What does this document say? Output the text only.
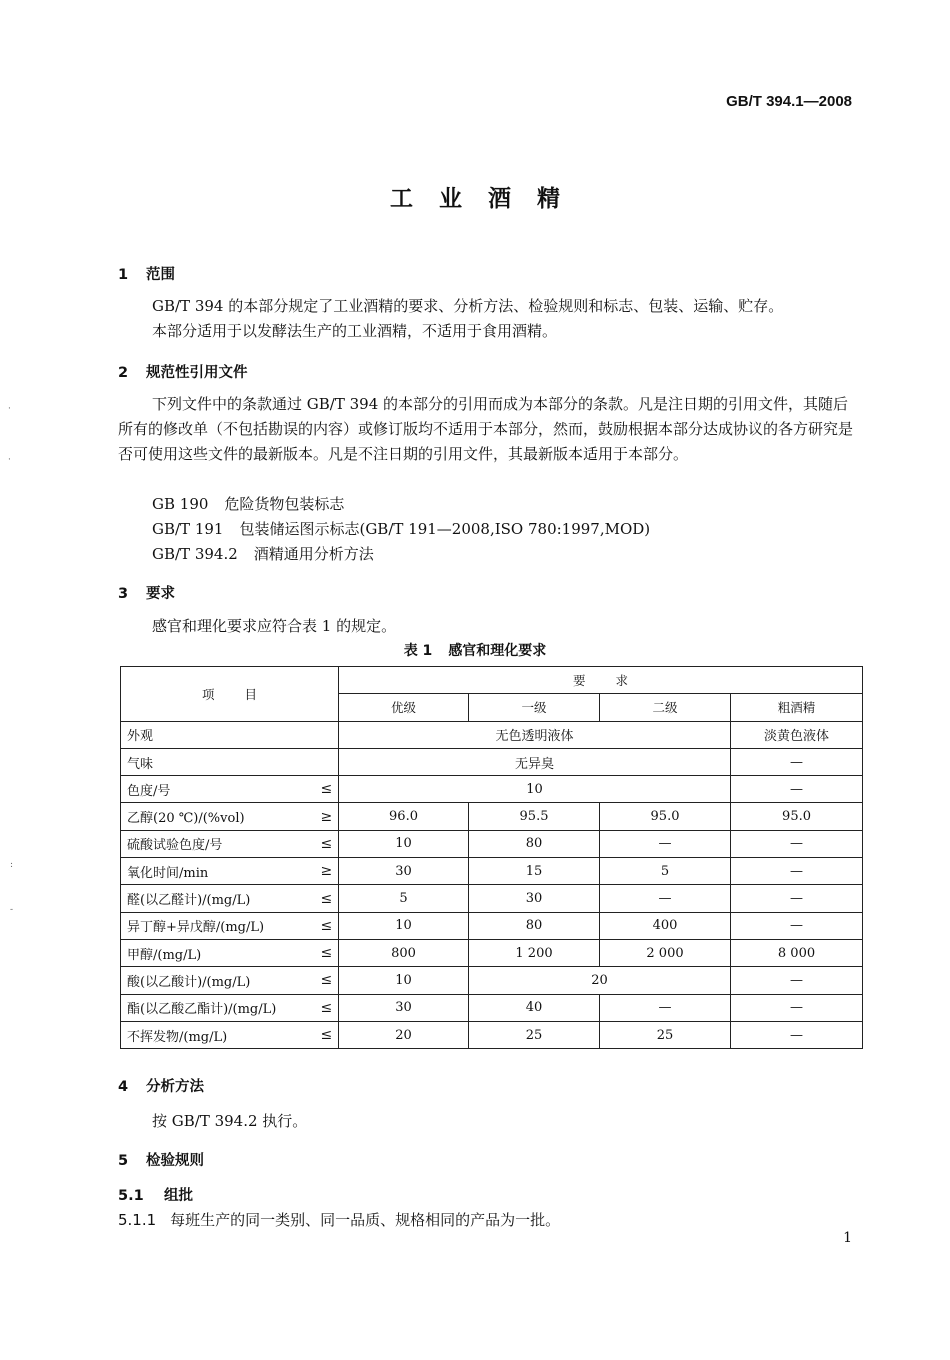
GB/T 394.1—2008
工业酒精
1 范围
GB/T 394 的本部分规定了工业酒精的要求、分析方法、检验规则和标志、包装、运输、贮存。
本部分适用于以发酵法生产的工业酒精，不适用于食用酒精。
2 规范性引用文件
下列文件中的条款通过 GB/T 394 的本部分的引用而成为本部分的条款。凡是注日期的引用文件，其随后所有的修改单（不包括勘误的内容）或修订版均不适用于本部分，然而，鼓励根据本部分达成协议的各方研究是否可使用这些文件的最新版本。凡是不注日期的引用文件，其最新版本适用于本部分。
GB 190 危险货物包装标志
GB/T 191 包装储运图示标志(GB/T 191—2008,ISO 780:1997,MOD)
GB/T 394.2 酒精通用分析方法
3 要求
感官和理化要求应符合表 1 的规定。
表 1 感官和理化要求
项目		要求			
		优级	一级	二级	粗酒精
外观		无色透明液体			淡黄色液体
气味		无异臭			—
色度/号	≤	10			—
乙醇(20 ℃)/(%vol)	≥	96.0	95.5	95.0	95.0
硫酸试验色度/号	≤	10	80	—	—
氧化时间/min	≥	30	15	5	—
醛(以乙醛计)/(mg/L)	≤	5	30	—	—
异丁醇+异戊醇/(mg/L)	≤	10	80	400	—
甲醇/(mg/L)	≤	800	1 200	2 000	8 000
酸(以乙酸计)/(mg/L)	≤	10	20		—
酯(以乙酸乙酯计)/(mg/L)	≤	30	40	—	—
不挥发物/(mg/L)	≤	20	25	25	—
4 分析方法
按 GB/T 394.2 执行。
5 检验规则
5.1 组批
5.1.1 每班生产的同一类别、同一品质、规格相同的产品为一批。
1
·
·
:
-
